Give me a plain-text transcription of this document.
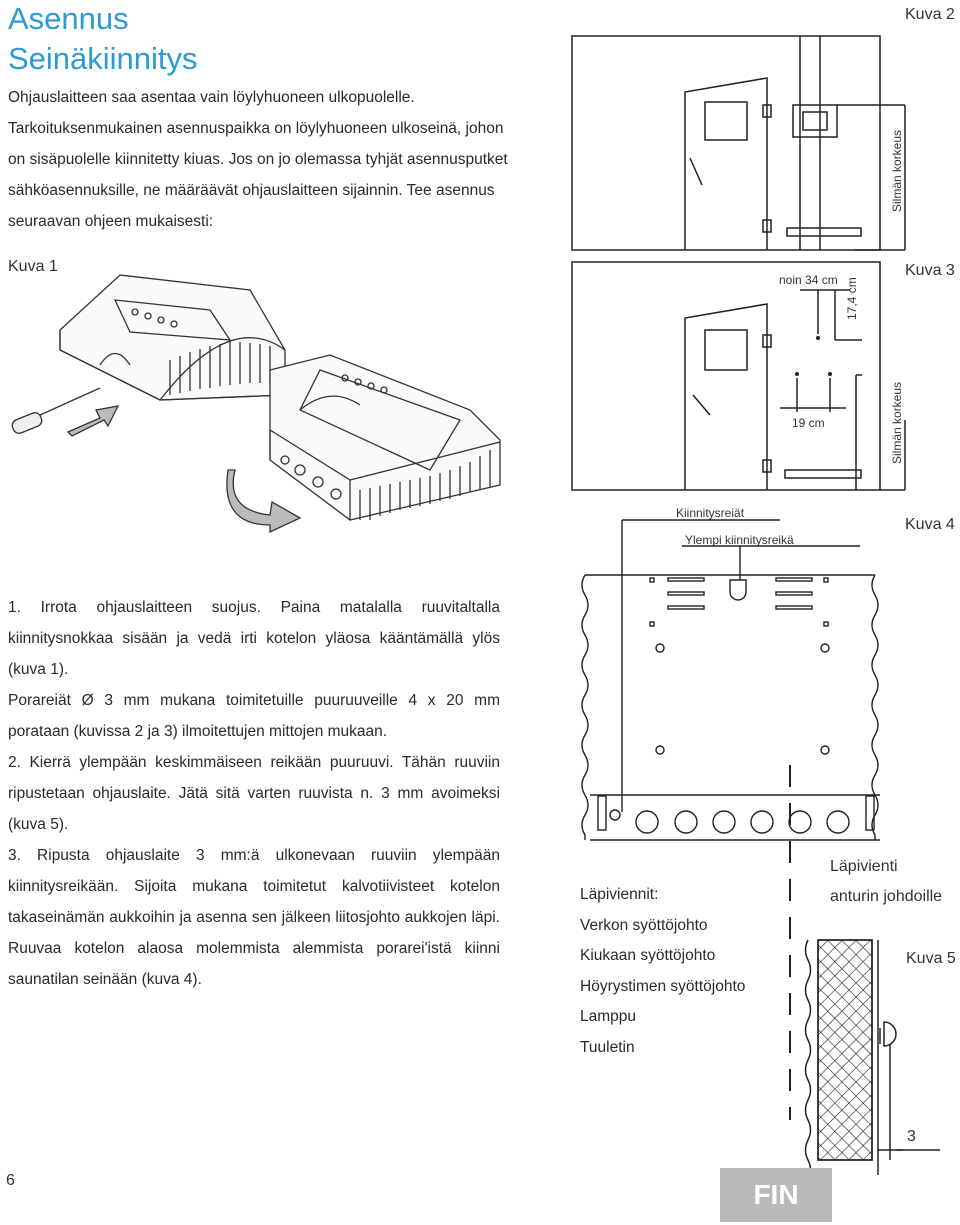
Asennus
Seinäkiinnitys

Ohjauslaitteen saa asentaa vain löylyhuoneen ulkopuolelle. Tarkoituksenmukainen asennuspaikka on löylyhuoneen ulkoseinä, johon on sisäpuolelle kiinnitetty kiuas. Jos on jo olemassa tyhjät asennusputket sähköasennuksille, ne määräävät ohjauslaitteen sijainnin. Tee asennus seuraavan ohjeen mukaisesti:

Kuva 1
Kuva 2
Silmän korkeus
Kuva 3
noin 34 cm 17,4 cm
19 cm	Silmän korkeus
Kiinnitysreiät
Ylempi kiinnitysreikä
Kuva 4
Läpivienti
anturin johdoille
Kuva 5
3
Läpiviennit:
Verkon syöttöjohto
Kiukaan syöttöjohto
Höyrystimen syöttöjohto
Lamppu
Tuuletin

1. Irrota ohjauslaitteen suojus. Paina matalalla ruuvitaltalla kiinnitysnokkaa sisään ja vedä irti kotelon yläosa kääntämällä ylös (kuva 1).

Porareiät Ø 3 mm mukana toimitetuille puuruuveille 4 x 20 mm porataan (kuvissa 2 ja 3) ilmoitettujen mittojen mukaan.

2. Kierrä ylempään keskimmäiseen reikään puuruuvi. Tähän ruuviin ripustetaan ohjauslaite. Jätä sitä varten ruuvista n. 3 mm avoimeksi (kuva 5).

3. Ripusta ohjauslaite 3 mm:ä ulkonevaan ruuviin ylempään kiinnitysreikään. Sijoita mukana toimitetut kalvotiivisteet kotelon takaseinämän aukkoihin ja asenna sen jälkeen liitosjohto aukkojen läpi. Ruuvaa kotelon alaosa molemmista alemmista porarei'istä kiinni saunatilan seinään (kuva 4).

6	FIN
